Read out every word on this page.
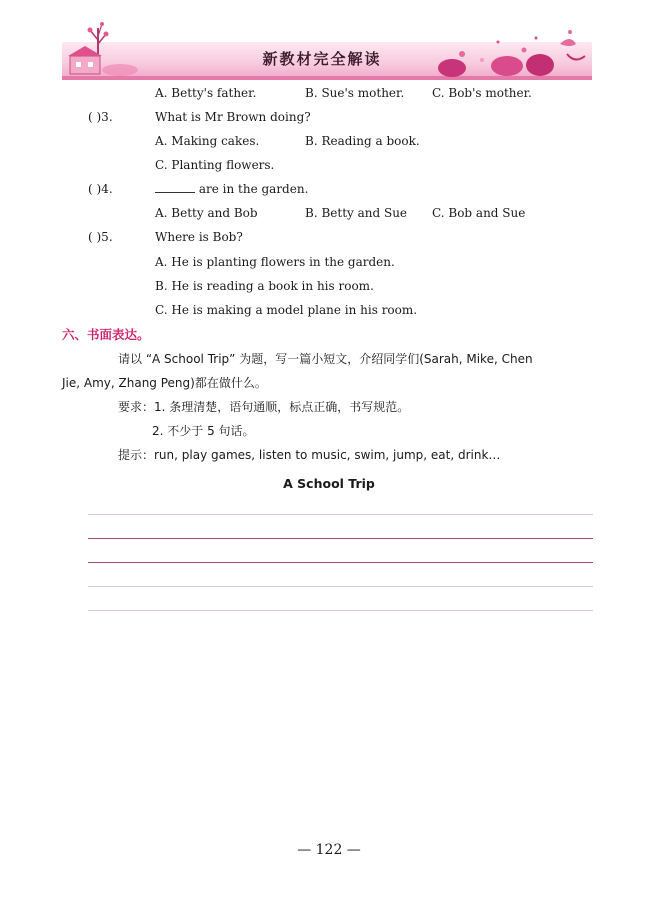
新教材完全解读
A. Betty's father.	B. Sue's mother. C. Bob's mother.
( )3.	What is Mr Brown doing?
A. Making cakes.	B. Reading a book.
C. Planting flowers.
( )4.	are in the garden.
A. Betty and Bob	B. Betty and Sue C. Bob and Sue
( )5.	Where is Bob?
A. He is planting flowers in the garden.
B. He is reading a book in his room.
C. He is making a model plane in his room.
六、书面表达。
请以 “A School Trip” 为题，写一篇小短文，介绍同学们(Sarah, Mike, Chen
Jie, Amy, Zhang Peng)都在做什么。
要求：1. 条理清楚，语句通顺，标点正确，书写规范。
2. 不少于 5 句话。
提示：run, play games, listen to music, swim, jump, eat, drink…
A School Trip
— 122 —
